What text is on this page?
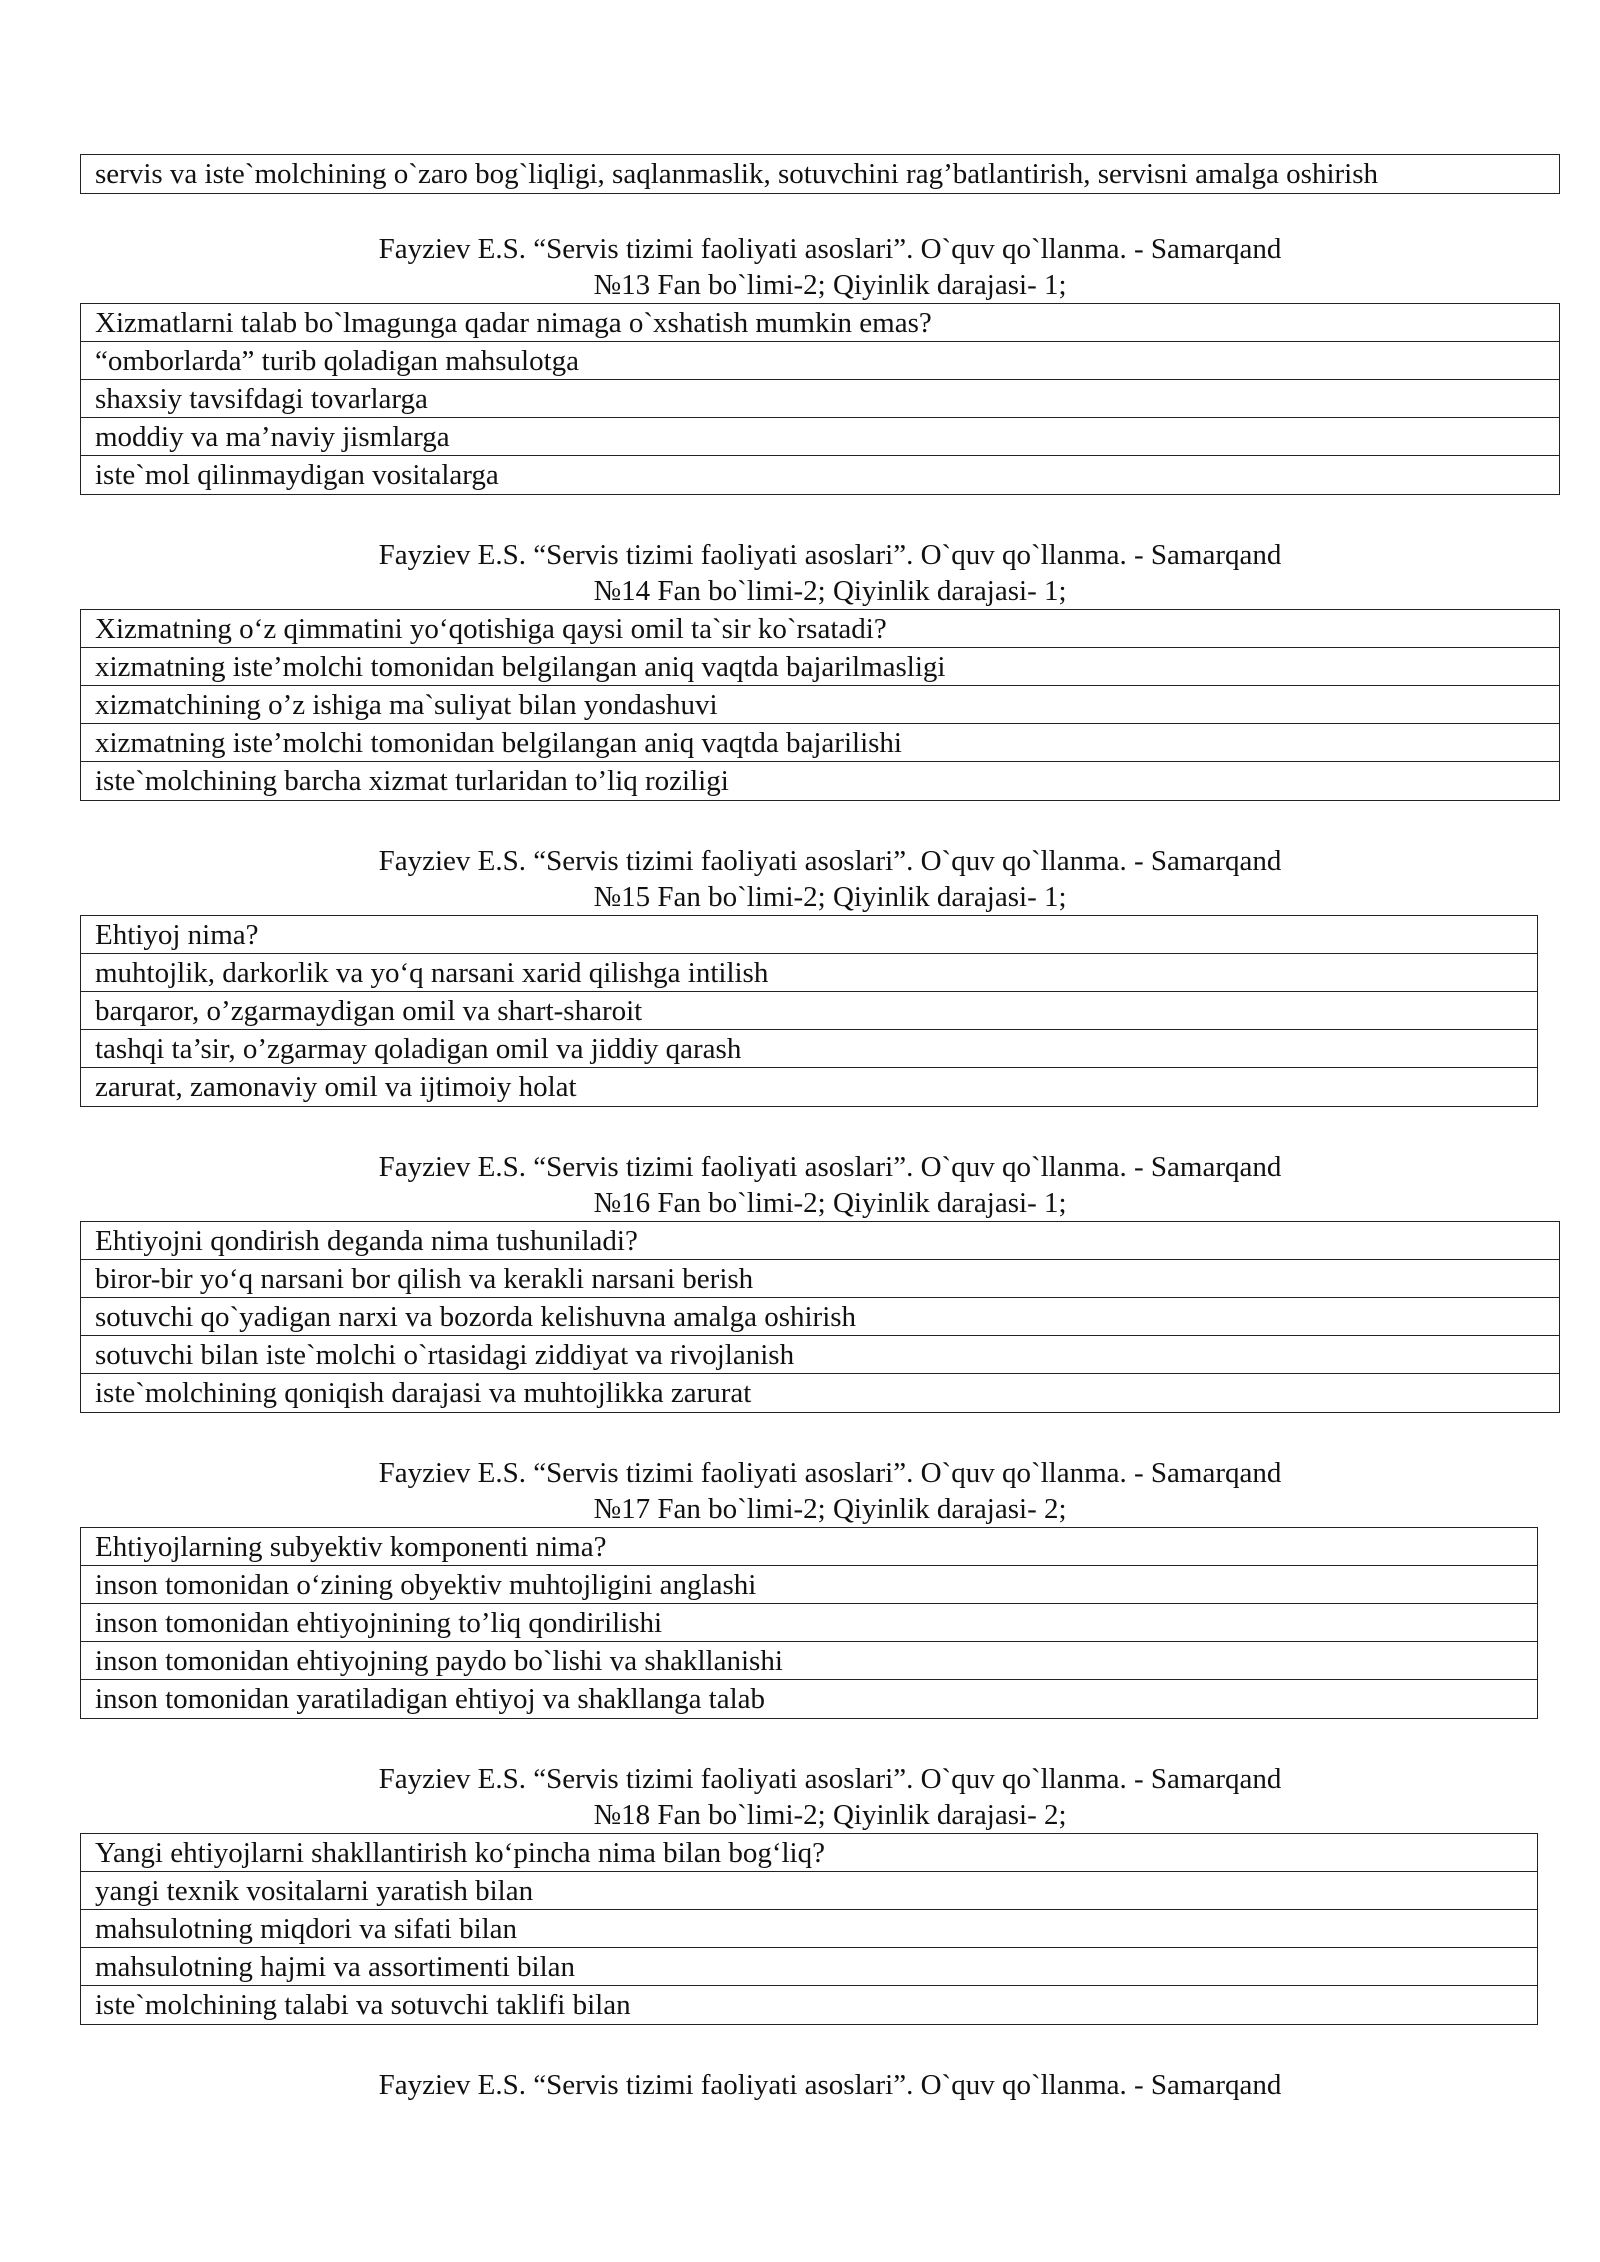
servis va iste`molchining o`zaro bog`liqligi, saqlanmaslik, sotuvchini rag’batlantirish, servisni amalga oshirish
Fayziev E.S. “Servis tizimi faoliyati asoslari”. O`quv qo`llanma. - Samarqand
№13 Fan bo`limi-2; Qiyinlik darajasi- 1;
Xizmatlarni talab bo`lmagunga qadar nimaga o`xshatish mumkin emas?
“omborlarda” turib qoladigan mahsulotga
shaxsiy tavsifdagi tovarlarga
moddiy va ma’naviy jismlarga
iste`mol qilinmaydigan vositalarga
Fayziev E.S. “Servis tizimi faoliyati asoslari”. O`quv qo`llanma. - Samarqand
№14 Fan bo`limi-2; Qiyinlik darajasi- 1;
Xizmatning o‘z qimmatini yo‘qotishiga qaysi omil ta`sir ko`rsatadi?
xizmatning iste’molchi tomonidan belgilangan aniq vaqtda bajarilmasligi
xizmatchining o’z ishiga ma`suliyat bilan yondashuvi
xizmatning iste’molchi tomonidan belgilangan aniq vaqtda bajarilishi
iste`molchining barcha xizmat turlaridan to’liq roziligi
Fayziev E.S. “Servis tizimi faoliyati asoslari”. O`quv qo`llanma. - Samarqand
№15 Fan bo`limi-2; Qiyinlik darajasi- 1;
Ehtiyoj nima?
muhtojlik, darkorlik va yo‘q narsani xarid qilishga intilish
barqaror, o’zgarmaydigan omil va shart-sharoit
tashqi ta’sir, o’zgarmay qoladigan omil va jiddiy qarash
zarurat, zamonaviy omil va ijtimoiy holat
Fayziev E.S. “Servis tizimi faoliyati asoslari”. O`quv qo`llanma. - Samarqand
№16 Fan bo`limi-2; Qiyinlik darajasi- 1;
Ehtiyojni qondirish deganda nima tushuniladi?
biror-bir yo‘q narsani bor qilish va kerakli narsani berish
sotuvchi qo`yadigan narxi va bozorda kelishuvna amalga oshirish
sotuvchi bilan iste`molchi o`rtasidagi ziddiyat va rivojlanish
iste`molchining qoniqish darajasi va muhtojlikka zarurat
Fayziev E.S. “Servis tizimi faoliyati asoslari”. O`quv qo`llanma. - Samarqand
№17 Fan bo`limi-2; Qiyinlik darajasi- 2;
Ehtiyojlarning subyektiv komponenti nima?
inson tomonidan o‘zining obyektiv muhtojligini anglashi
inson tomonidan ehtiyojnining to’liq qondirilishi
inson tomonidan ehtiyojning paydo bo`lishi va shakllanishi
inson tomonidan yaratiladigan ehtiyoj va shakllanga talab
Fayziev E.S. “Servis tizimi faoliyati asoslari”. O`quv qo`llanma. - Samarqand
№18 Fan bo`limi-2; Qiyinlik darajasi- 2;
Yangi ehtiyojlarni shakllantirish ko‘pincha nima bilan bog‘liq?
yangi texnik vositalarni yaratish bilan
mahsulotning miqdori va sifati bilan
mahsulotning hajmi va assortimenti bilan
iste`molchining talabi va sotuvchi taklifi bilan
Fayziev E.S. “Servis tizimi faoliyati asoslari”. O`quv qo`llanma. - Samarqand
